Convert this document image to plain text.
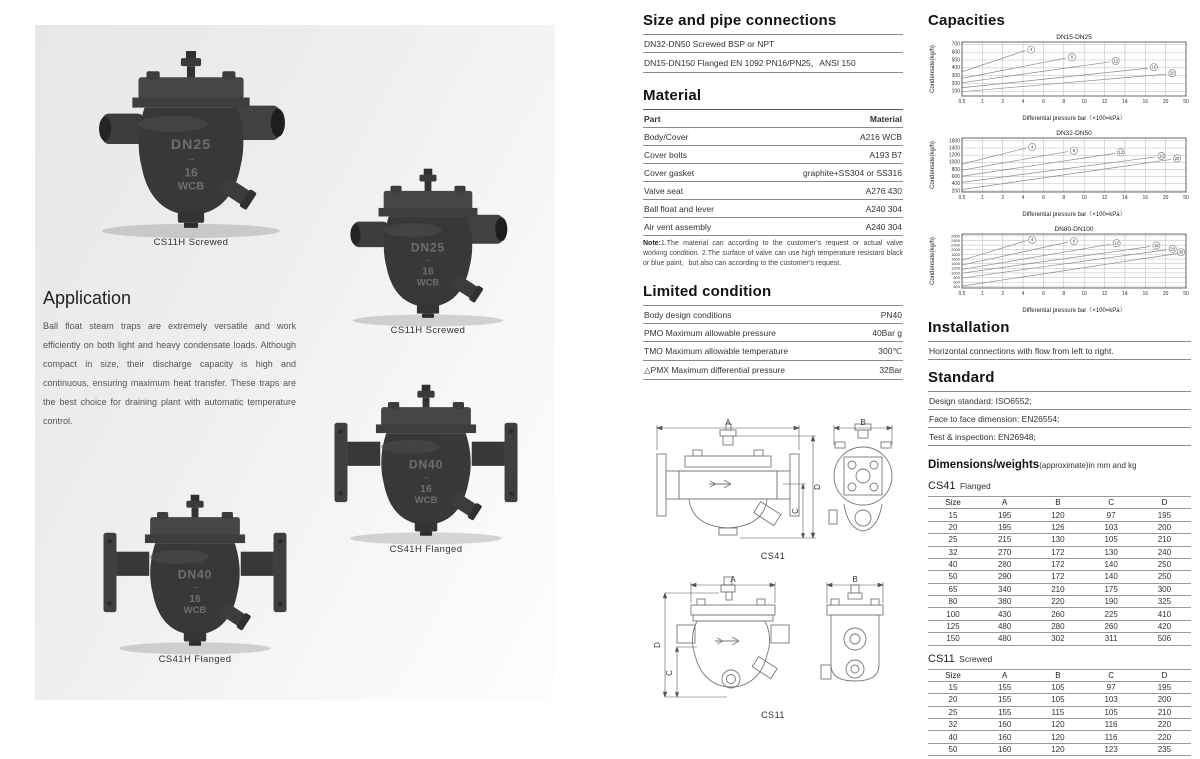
DN25
→
16
WCB
CS11H Screwed	DN25
→
16
WCB
CS11H Screwed
DN40
→
16
WCB
CS41H Flanged
DN40
→
16
WCB
CS41H Flanged
Application
Ball float steam traps are extremely versatile and work efficiently on both light and heavy condensate loads. Although compact in size, their discharge capacity is high and continuous, ensuring maximum heat transfer. These traps are the best choice for draining plant with automatic temperature control.
Size and pipe connections
DN32-DN50 Screwed BSP or NPT
DN15-DN150 Flanged EN 1092 PN16/PN25，ANSI 150
Material
Part	Material
Body/Cover	A216 WCB
Cover bolts	A193 B7
Cover gasket	graphite+SS304 or SS316
Valve seat	A276 430
Ball float and lever	A240 304
Air vent assembly	A240 304
Note:1.The material can according to the customer’s request or actual valve working condition. 2.The surface of valve can use high temperature resistant black or blue paint，but also can according to the customer’s request.
Limited condition
Body design conditions	PN40
PMO Maximum allowable pressure	40Bar g
TMO Maximum allowable temperature	300℃
△PMX Maximum differential pressure	32Bar
A
D
C
B
CS41
A
D
C
B
CS11
Capacities
DN15-DN25
100
200
300
400
500
600
700
0.5	1	2	4	6	8	10	12	14	16	20	50
4
8
12
16
20
Differential pressure bar（×100=kPa）
Condensate(kg/h)
DN32-DN50
200
400
600
800
1000
1200
1400
1600
0.5	1	2	4	6	8	10	12	14	16	20	50
4
8	12
16
20
Differential pressure bar（×100=kPa）
Condensate(kg/h)
DN80-DN100
400
600
800
1000
1200
1400
1600
1800
2000
2200
2400
2600
0.5	1	2	4	6	8	10	12	14	16	20	50
4	8	12	16
20
30
Differential pressure bar（×100=kPa）
Condensate(kg/h)
Installation
Horizontal connections with flow from left to right.
Standard
Design standard: ISO6552;
Face to face dimension: EN26554;
Test & inspection: EN26948;
Dimensions/weights(approximate)in mm and kg
CS41 Flanged
Size	A	B	C	D
15	195	120	97	195
20	195	126	103	200
25	215	130	105	210
32	270	172	130	240
40	280	172	140	250
50	290	172	140	250
65	340	210	175	300
80	380	220	190	325
100	430	260	225	410
125	480	280	260	420
150	480	302	311	506
CS11 Screwed
Size	A	B	C	D
15	155	105	97	195
20	155	105	103	200
25	155	115	105	210
32	160	120	116	220
40	160	120	116	220
50	160	120	123	235
